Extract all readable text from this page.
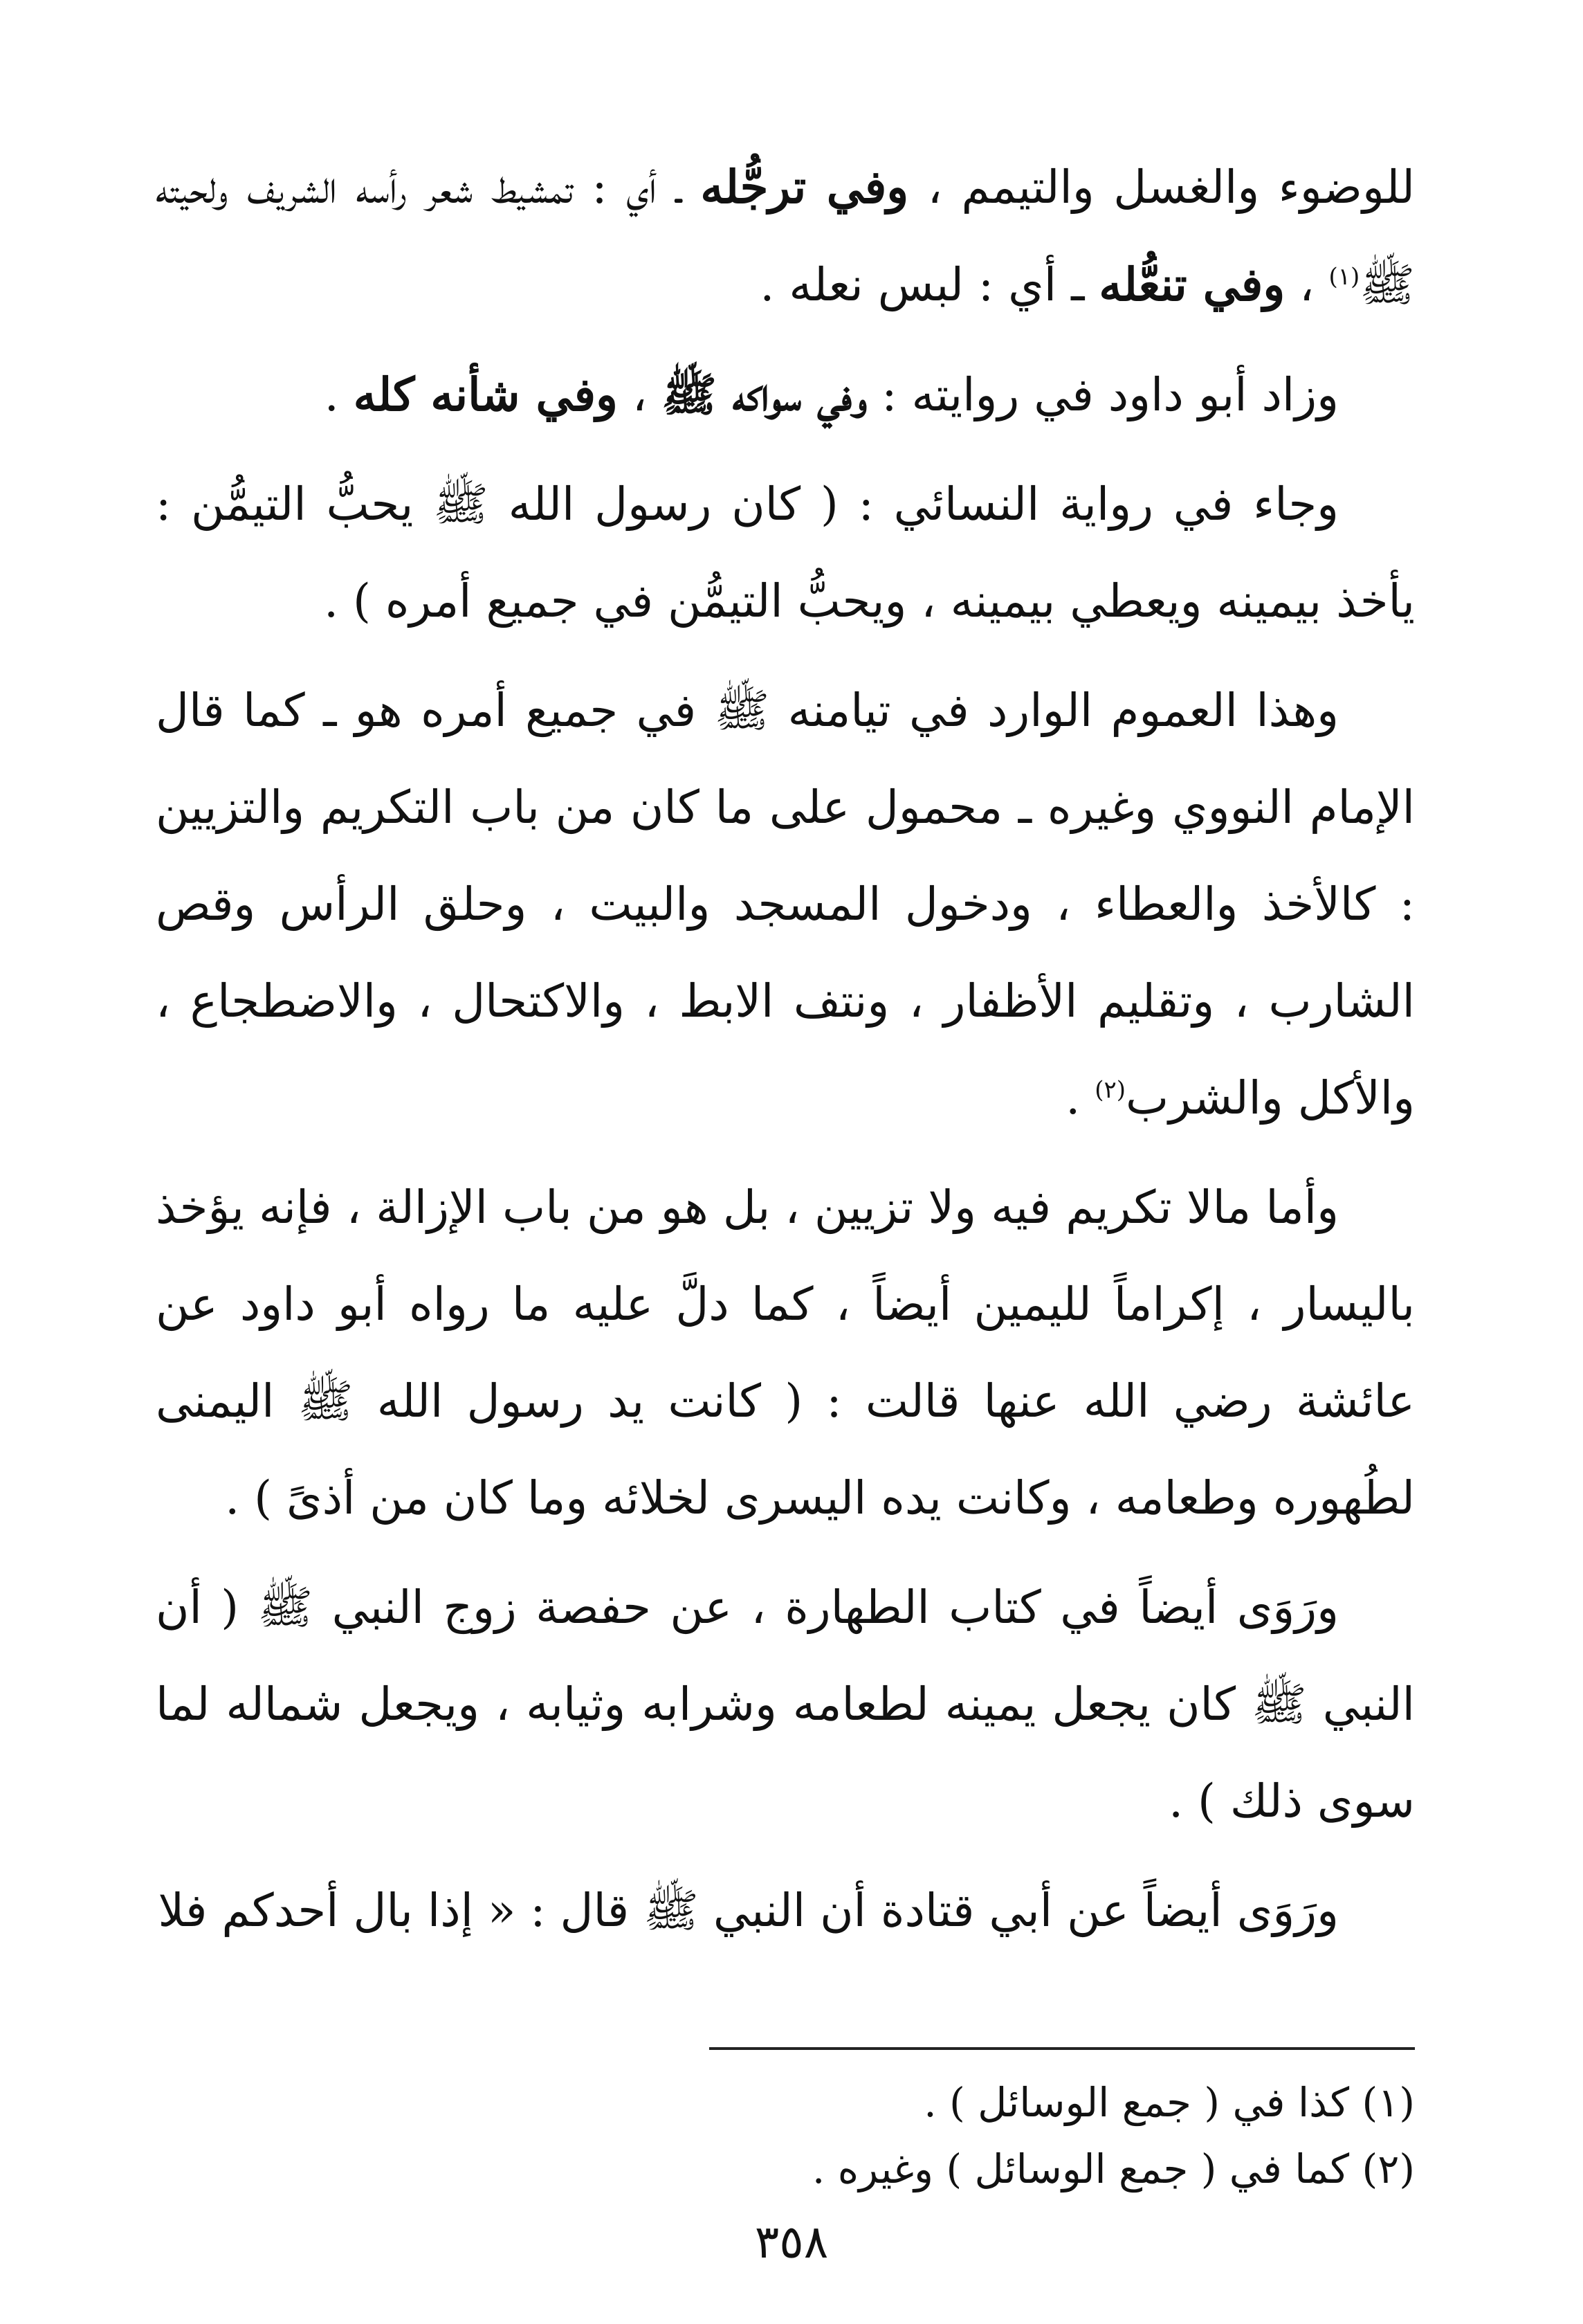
للوضوء والغسل والتيمم ، وفي ترجُّله ـ أي : تمشيط شعر رأسه الشريف ولحيته ﷺ$^{(١)}$ ، وفي تنعُّله ـ أي : لبس نعله .

وزاد أبو داود في روايته : وفي سواكه ﷺ ، وفي شأنه كله .

وجاء في رواية النسائي : ( كان رسول الله ﷺ يحبُّ التيمُّن : يأخذ بيمينه ويعطي بيمينه ، ويحبُّ التيمُّن في جميع أمره ) .

وهذا العموم الوارد في تيامنه ﷺ في جميع أمره هو ـ كما قال الإمام النووي وغيره ـ محمول على ما كان من باب التكريم والتزيين : كالأخذ والعطاء ، ودخول المسجد والبيت ، وحلق الرأس وقص الشارب ، وتقليم الأظفار ، ونتف الابط ، والاكتحال ، والاضطجاع ، والأكل والشرب$^{(٢)}$ .

وأما مالا تكريم فيه ولا تزيين ، بل هو من باب الإزالة ، فإنه يؤخذ باليسار ، إكراماً لليمين أيضاً ، كما دلَّ عليه ما رواه أبو داود عن عائشة رضي الله عنها قالت : ( كانت يد رسول الله ﷺ اليمنى لطُهوره وطعامه ، وكانت يده اليسرى لخلائه وما كان من أذىً ) .

ورَوَى أيضاً في كتاب الطهارة ، عن حفصة زوج النبي ﷺ ( أن النبي ﷺ كان يجعل يمينه لطعامه وشرابه وثيابه ، ويجعل شماله لما سوى ذلك ) .

ورَوَى أيضاً عن أبي قتادة أن النبي ﷺ قال : « إذا بال أحدكم فلا

(١) كذا في ( جمع الوسائل ) .

(٢) كما في ( جمع الوسائل ) وغيره .

٣٥٨
